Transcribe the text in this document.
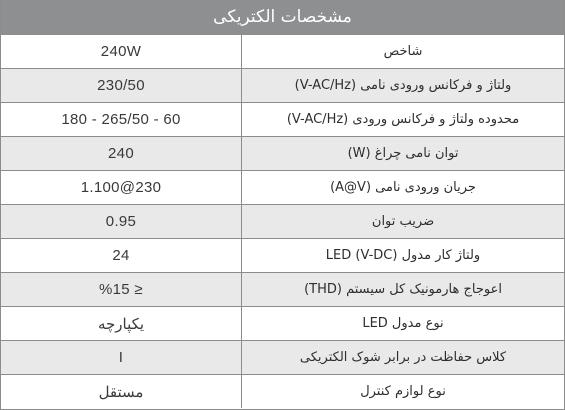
مشخصات الکتریکی
240W	شاخص
230/50	ولتاژ و فرکانس ورودی نامی (V-AC/Hz)
180 - 265/50 - 60	محدوده ولتاژ و فرکانس ورودی (V-AC/Hz)
240	توان نامی چراغ (W)
1.100@230	جریان ورودی نامی (A@V)
0.95	ضریب توان
24	ولتاژ کار مدول LED (V-DC)
%15 ≥	اعوجاج هارمونیک کل سیستم (THD)
یکپارچه	نوع مدول LED
I	کلاس حفاظت در برابر شوک الکتریکی
مستقل	نوع لوازم کنترل
